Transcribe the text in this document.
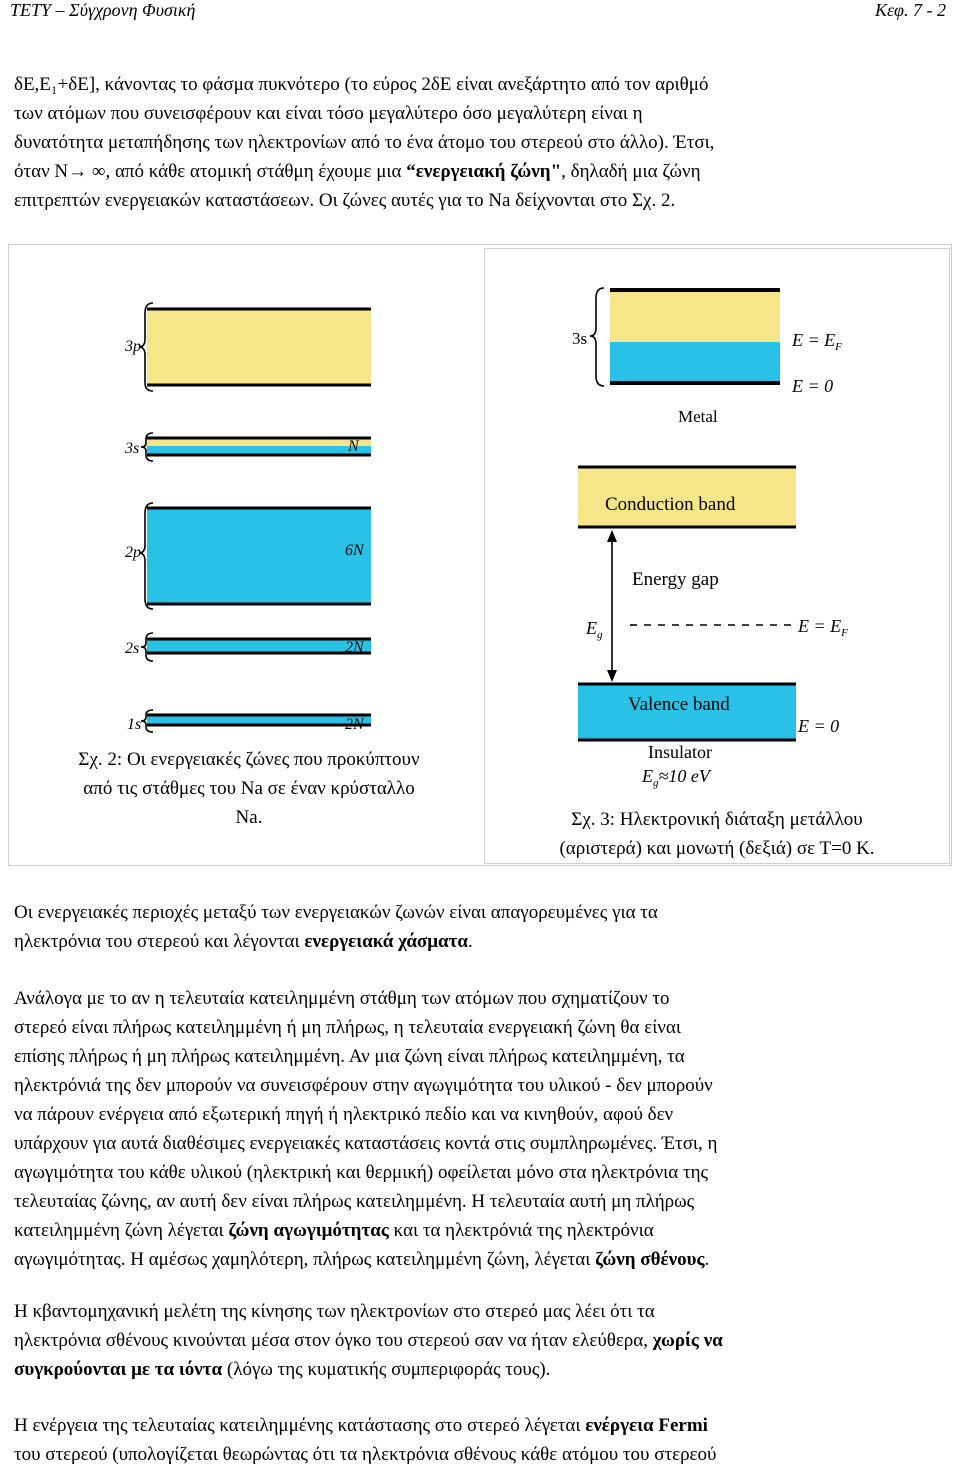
ΤΕΤΥ – Σύγχρονη Φυσική	Κεφ. 7 - 2
δΕ,Ε₁+δΕ], κάνοντας το φάσμα πυκνότερο (το εύρος 2δΕ είναι ανεξάρτητο από τον αριθμό
των ατόμων που συνεισφέρουν και είναι τόσο μεγαλύτερο όσο μεγαλύτερη είναι η
δυνατότητα μεταπήδησης των ηλεκτρονίων από το ένα άτομο του στερεού στο άλλο). Έτσι,
όταν Ν→ ∞, από κάθε ατομική στάθμη έχουμε μια “ενεργειακή ζώνη", δηλαδή μια ζώνη
επιτρεπτών ενεργειακών καταστάσεων. Οι ζώνες αυτές για το Na δείχνονται στο Σχ. 2.
3p
3s
2p
2s
1s
N
6N
2N
2N
Σχ. 2: Οι ενεργειακές ζώνες που προκύπτουν
από τις στάθμες του Na σε έναν κρύσταλλο
Na.
3s	$E = E_F$
E = 0
Metal
Conduction band
Energy gap
$E_g$	$E = E_F$
Valence band
E = 0
Insulator
$E_g\approx 10$ eV
Σχ. 3: Ηλεκτρονική διάταξη μετάλλου
(αριστερά) και μονωτή (δεξιά) σε Τ=0 Κ.
Οι ενεργειακές περιοχές μεταξύ των ενεργειακών ζωνών είναι απαγορευμένες για τα
ηλεκτρόνια του στερεού και λέγονται ενεργειακά χάσματα.
Ανάλογα με το αν η τελευταία κατειλημμένη στάθμη των ατόμων που σχηματίζουν το
στερεό είναι πλήρως κατειλημμένη ή μη πλήρως, η τελευταία ενεργειακή ζώνη θα είναι
επίσης πλήρως ή μη πλήρως κατειλημμένη. Αν μια ζώνη είναι πλήρως κατειλημμένη, τα
ηλεκτρόνιά της δεν μπορούν να συνεισφέρουν στην αγωγιμότητα του υλικού - δεν μπορούν
να πάρουν ενέργεια από εξωτερική πηγή ή ηλεκτρικό πεδίο και να κινηθούν, αφού δεν
υπάρχουν για αυτά διαθέσιμες ενεργειακές καταστάσεις κοντά στις συμπληρωμένες. Έτσι, η
αγωγιμότητα του κάθε υλικού (ηλεκτρική και θερμική) οφείλεται μόνο στα ηλεκτρόνια της
τελευταίας ζώνης, αν αυτή δεν είναι πλήρως κατειλημμένη. Η τελευταία αυτή μη πλήρως
κατειλημμένη ζώνη λέγεται ζώνη αγωγιμότητας και τα ηλεκτρόνιά της ηλεκτρόνια
αγωγιμότητας. Η αμέσως χαμηλότερη, πλήρως κατειλημμένη ζώνη, λέγεται ζώνη σθένους.
Η κβαντομηχανική μελέτη της κίνησης των ηλεκτρονίων στο στερεό μας λέει ότι τα
ηλεκτρόνια σθένους κινούνται μέσα στον όγκο του στερεού σαν να ήταν ελεύθερα, χωρίς να
συγκρούονται με τα ιόντα (λόγω της κυματικής συμπεριφοράς τους).
Η ενέργεια της τελευταίας κατειλημμένης κατάστασης στο στερεό λέγεται ενέργεια Fermi
του στερεού (υπολογίζεται θεωρώντας ότι τα ηλεκτρόνια σθένους κάθε ατόμου του στερεού
